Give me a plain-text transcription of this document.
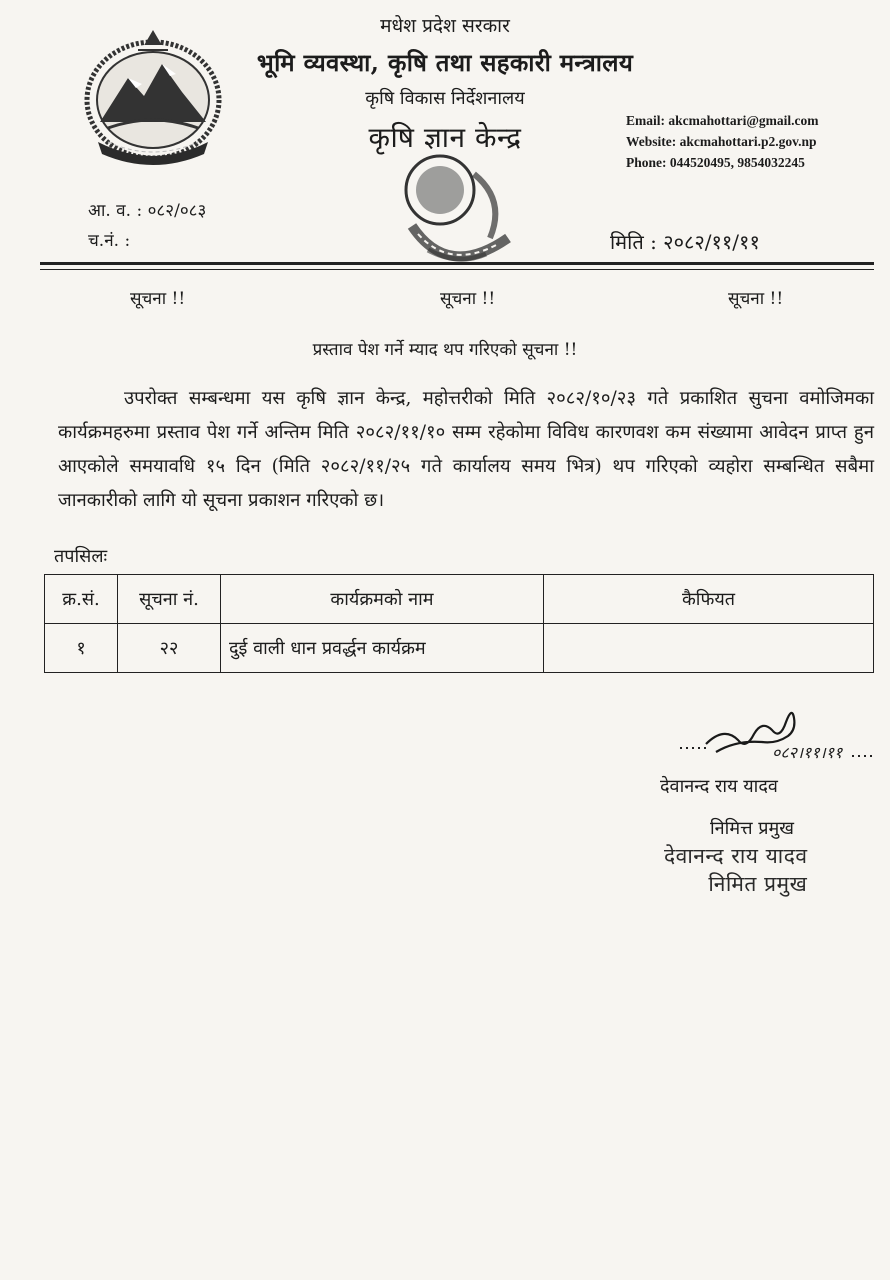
मधेश प्रदेश सरकार
भूमि व्यवस्था, कृषि तथा सहकारी मन्त्रालय
कृषि विकास निर्देशनालय
कृषि ज्ञान केन्द्र
Email: akcmahottari@gmail.com
Website: akcmahottari.p2.gov.np
Phone: 044520495, 9854032245
आ. व. : ०८२/०८३
च.नं. :	मिति : २०८२/११/११
सूचना !!	सूचना !!	सूचना !!
प्रस्ताव पेश गर्ने म्याद थप गरिएको सूचना !!
उपरोक्त सम्बन्धमा यस कृषि ज्ञान केन्द्र, महोत्तरीको मिति २०८२/१०/२३ गते प्रकाशित सुचना वमोजिमका कार्यक्रमहरुमा प्रस्ताव पेश गर्ने अन्तिम मिति २०८२/११/१० सम्म रहेकोमा विविध कारणवश कम संख्यामा आवेदन प्राप्त हुन आएकोले समयावधि १५ दिन (मिति २०८२/११/२५ गते कार्यालय समय भित्र) थप गरिएको व्यहोरा सम्बन्धित सबैमा जानकारीको लागि यो सूचना प्रकाशन गरिएको छ।
तपसिलः
क्र.सं.	सूचना नं.	कार्यक्रमको नाम	कैफियत
१	२२	दुई वाली धान प्रवर्द्धन कार्यक्रम	
०८२।११।११
देवानन्द राय यादव
निमित्त प्रमुख
देवानन्द राय यादव
निमित प्रमुख
